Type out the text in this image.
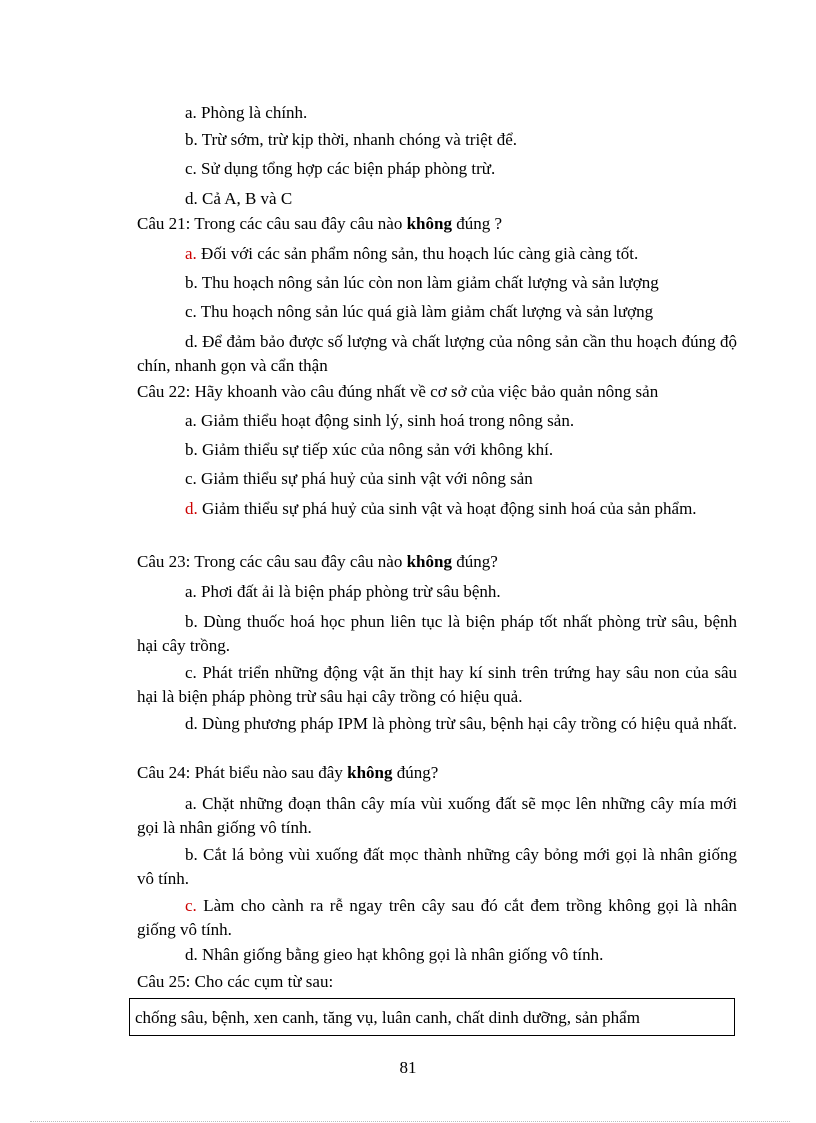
a. Phòng là chính.
b. Trừ sớm, trừ kịp thời, nhanh chóng và triệt để.
c. Sử dụng tổng hợp các biện pháp phòng trừ.
d. Cả A, B và C
Câu 21: Trong các câu sau đây câu nào không đúng ?
a. Đối với các sản phẩm nông sản, thu hoạch lúc càng già càng tốt.
b. Thu hoạch nông sản lúc còn non làm giảm chất lượng và sản lượng
c. Thu hoạch nông sản lúc quá già làm giảm chất lượng và sản lượng
d. Để đảm bảo được số lượng và chất lượng của nông sản cần thu hoạch đúng độ chín, nhanh gọn và cẩn thận
Câu 22: Hãy khoanh vào câu đúng nhất về cơ sở của việc bảo quản nông sản
a. Giảm thiểu hoạt động sinh lý, sinh hoá trong nông sản.
b. Giảm thiểu sự tiếp xúc của nông sản với không khí.
c. Giảm thiểu sự phá huỷ của sinh vật với nông sản
d. Giảm thiểu sự phá huỷ của sinh vật và hoạt động sinh hoá của sản phẩm.
Câu 23: Trong các câu sau đây câu nào không đúng?
a. Phơi đất ải là biện pháp phòng trừ sâu bệnh.
b. Dùng thuốc hoá học phun liên tục là biện pháp tốt nhất phòng trừ sâu, bệnh hại cây trồng.
c. Phát triển những động vật ăn thịt hay kí sinh trên trứng hay sâu non của sâu hại là biện pháp phòng trừ sâu hại cây trồng có hiệu quả.
d. Dùng phương pháp IPM là phòng trừ sâu, bệnh hại cây trồng có hiệu quả nhất.
Câu 24: Phát biểu nào sau đây không đúng?
a. Chặt những đoạn thân cây mía vùi xuống đất sẽ mọc lên những cây mía mới gọi là nhân giống vô tính.
b. Cắt lá bỏng vùi xuống đất mọc thành những cây bỏng mới gọi là nhân giống vô tính.
c. Làm cho cành ra rễ ngay trên cây sau đó cắt đem trồng không gọi là nhân giống vô tính.
d. Nhân giống bằng gieo hạt không gọi là nhân giống vô tính.
Câu 25: Cho các cụm từ sau:
chống sâu, bệnh, xen canh, tăng vụ, luân canh, chất dinh dưỡng, sản phẩm
81
